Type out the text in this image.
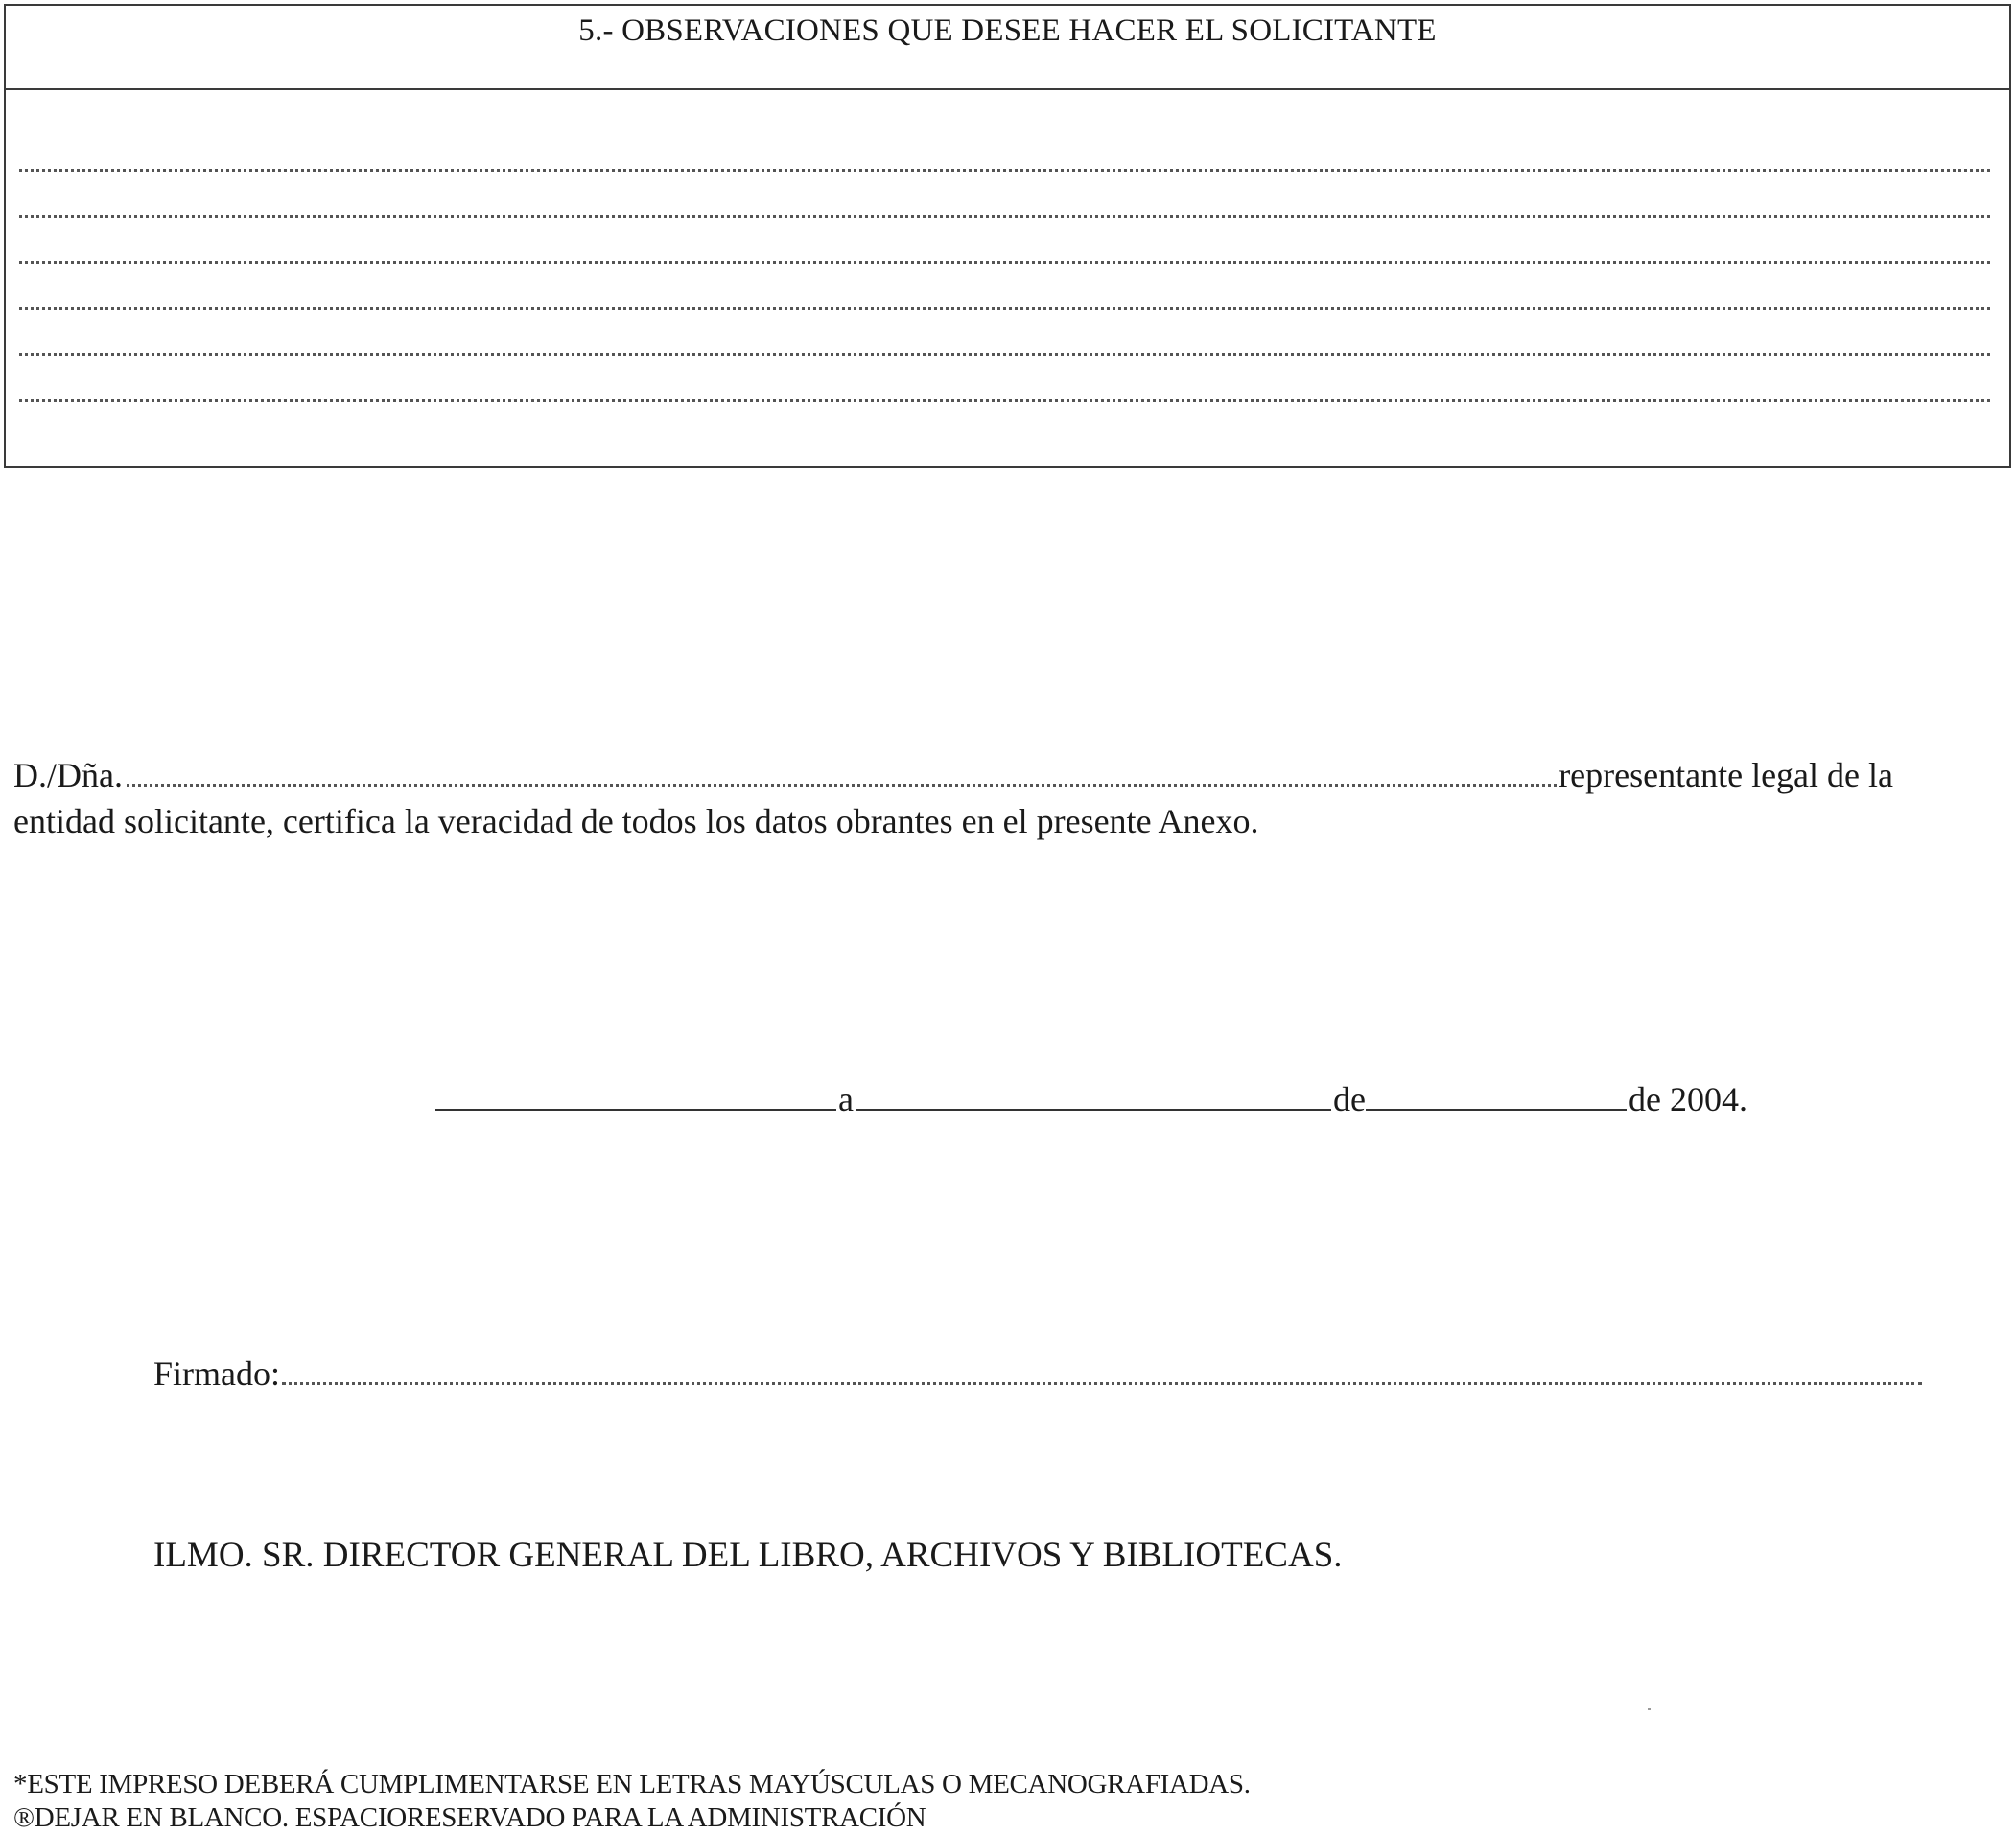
5.- OBSERVACIONES QUE DESEE HACER EL SOLICITANTE
D./Dña.	representante legal de la
entidad solicitante, certifica la veracidad de todos los datos obrantes en el presente Anexo.
a	de	de 2004.
Firmado:
ILMO. SR. DIRECTOR GENERAL DEL LIBRO, ARCHIVOS Y BIBLIOTECAS.
*ESTE IMPRESO DEBERÁ CUMPLIMENTARSE EN LETRAS MAYÚSCULAS O MECANOGRAFIADAS.
®DEJAR EN BLANCO. ESPACIORESERVADO PARA LA ADMINISTRACIÓN
